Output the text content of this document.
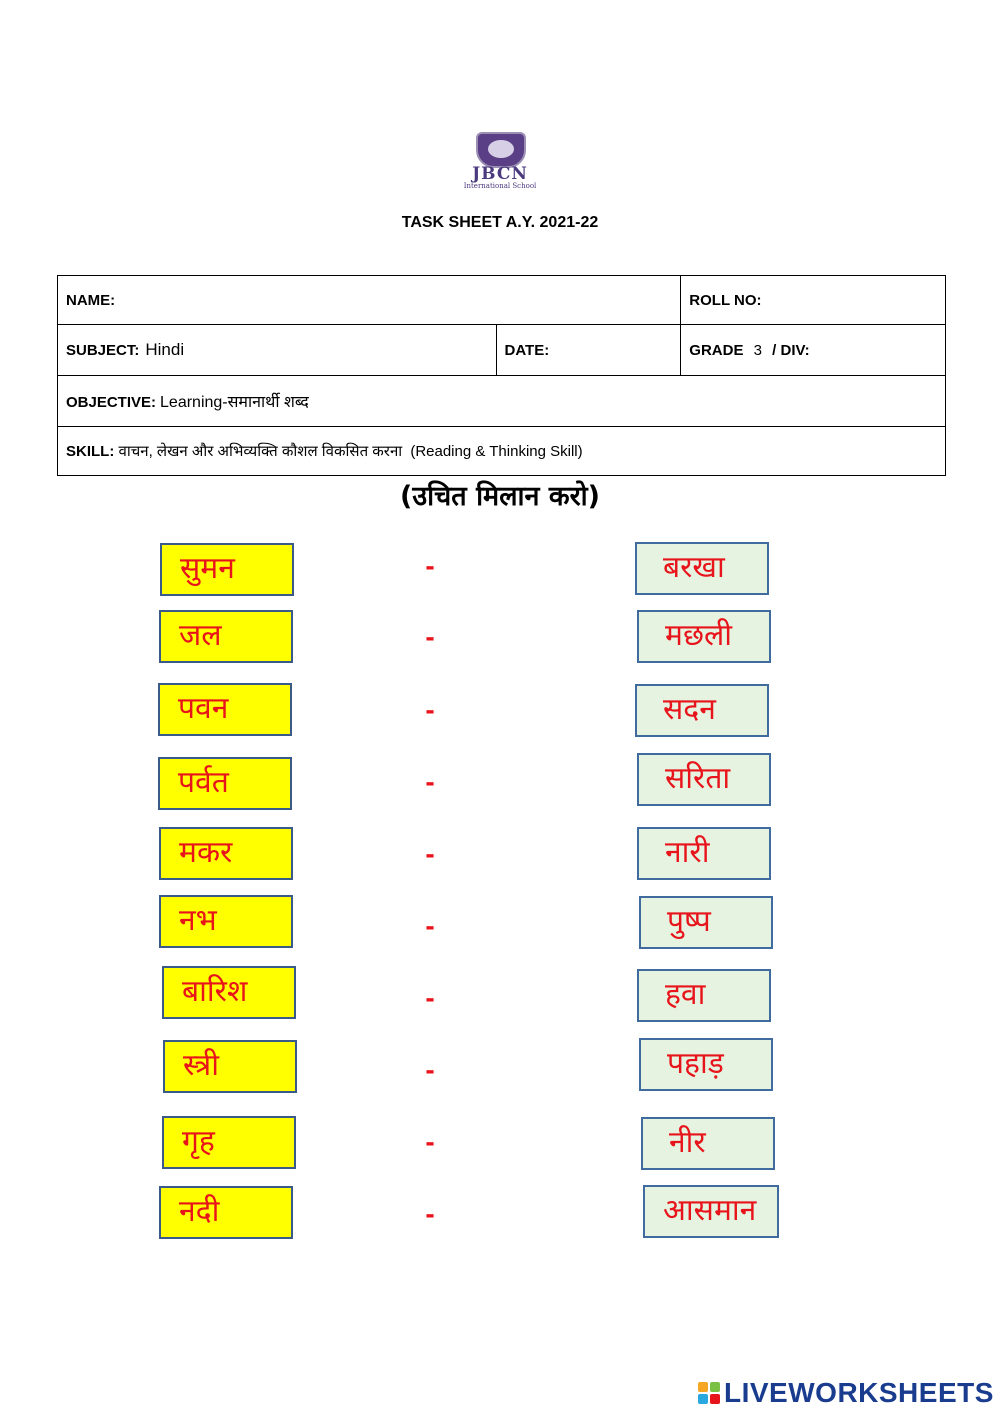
JBCN
International School
TASK SHEET A.Y. 2021-22
NAME:		ROLL NO:
SUBJECT: Hindi	DATE:	GRADE 3 / DIV:
OBJECTIVE: Learning-समानार्थी शब्द		
SKILL: वाचन, लेखन और अभिव्यक्ति कौशल विकसित करना (Reading & Thinking Skill)		
(उचित मिलान करो)
सुमन	-	बरखा
जल	-	मछली
पवन	-	सदन
पर्वत	-	सरिता
मकर	-	नारी
नभ	-	पुष्प
बारिश	-	हवा
स्त्री	-	पहाड़
गृह	-	नीर
नदी	-	आसमान
LIVEWORKSHEETS
